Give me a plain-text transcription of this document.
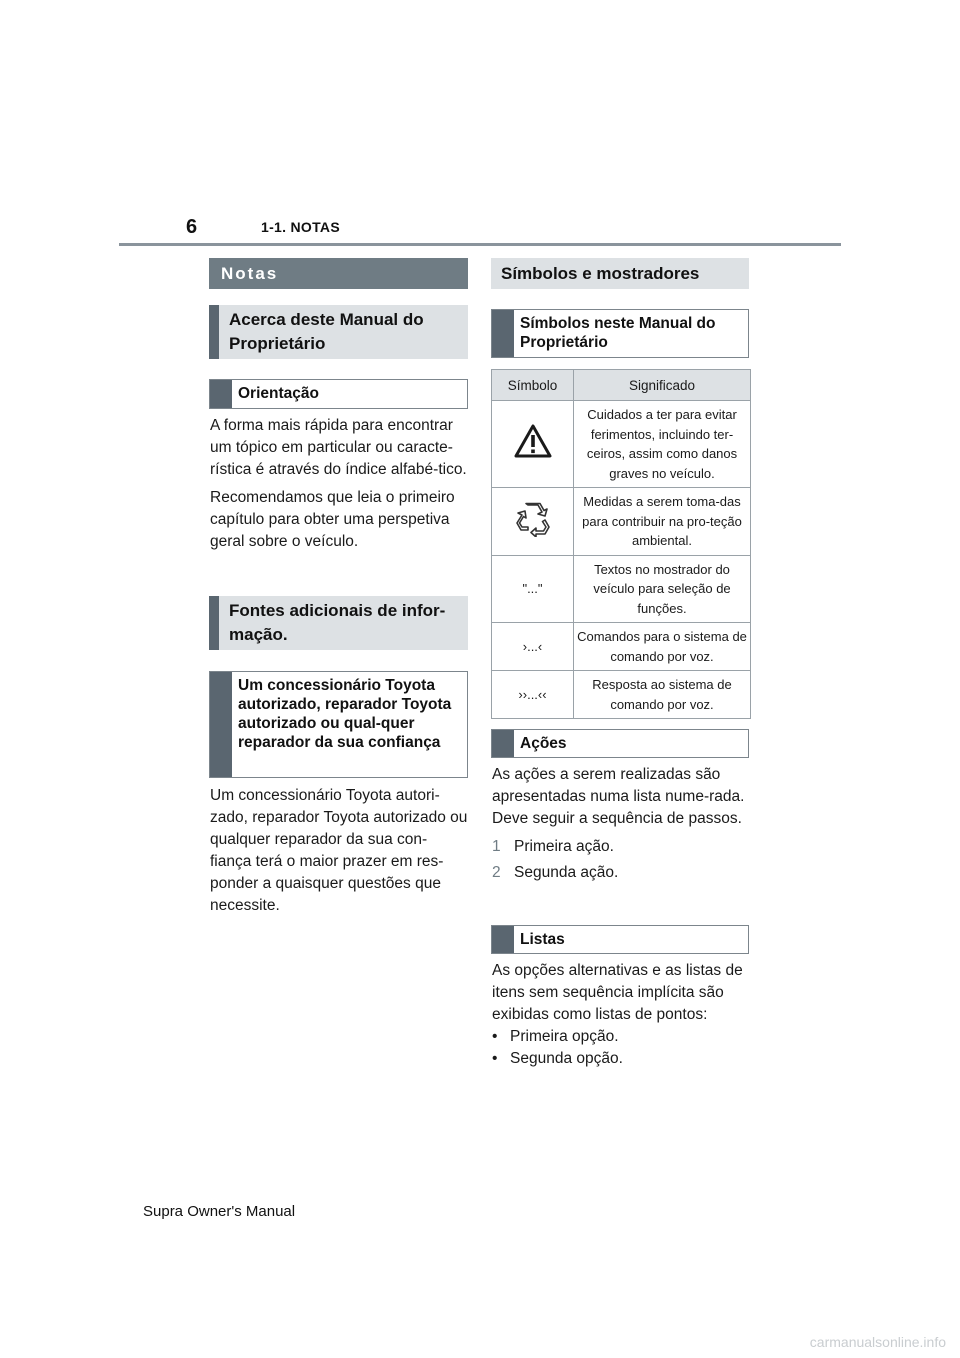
6	1-1. NOTAS
Notas
Acerca deste Manual do Proprietário
Orientação

A forma mais rápida para encontrar um tópico em particular ou caracte-rística é através do índice alfabé-tico.

Recomendamos que leia o primeiro capítulo para obter uma perspetiva geral sobre o veículo.

Fontes adicionais de infor-mação.
Um concessionário Toyota autorizado, reparador Toyota autorizado ou qual-quer reparador da sua confiança

Um concessionário Toyota autori-zado, reparador Toyota autorizado ou qualquer reparador da sua con-fiança terá o maior prazer em res-ponder a quaisquer questões que necessite.

Símbolos e mostradores
Símbolos neste Manual do Proprietário
Símbolo	Significado
	Cuidados a ter para evitar ferimentos, incluindo ter-ceiros, assim como danos graves no veículo.
	Medidas a serem toma-das para contribuir na pro-teção ambiental.
"..."	Textos no mostrador do veículo para seleção de funções.
›...‹	Comandos para o sistema de comando por voz.
››...‹‹	Resposta ao sistema de comando por voz.
Ações

As ações a serem realizadas são apresentadas numa lista nume-rada. Deve seguir a sequência de passos.

1 Primeira ação.
2 Segunda ação.
Listas

As opções alternativas e as listas de itens sem sequência implícita são exibidas como listas de pontos:

• Primeira opção.
• Segunda opção.
Supra Owner's Manual
carmanualsonline.info
